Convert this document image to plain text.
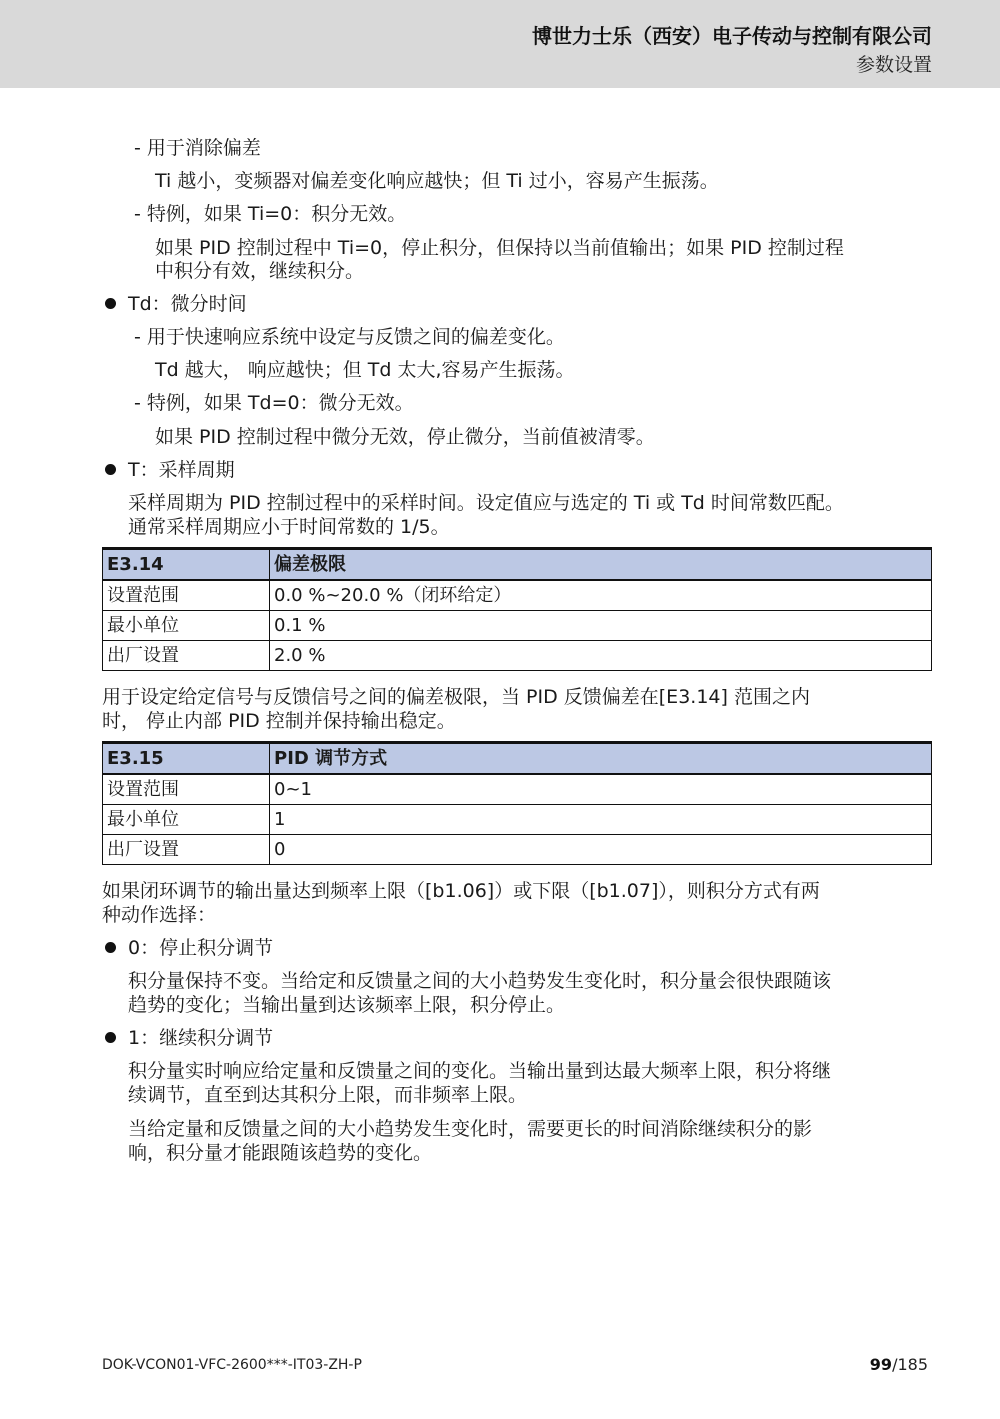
博世力士乐（西安）电子传动与控制有限公司
参数设置
- 用于消除偏差
Ti 越小，变频器对偏差变化响应越快；但 Ti 过小，容易产生振荡。
- 特例，如果 Ti=0：积分无效。
如果 PID 控制过程中 Ti=0，停止积分，但保持以当前值输出；如果 PID 控制过程
中积分有效，继续积分。
Td：微分时间
- 用于快速响应系统中设定与反馈之间的偏差变化。
Td 越大， 响应越快；但 Td 太大,容易产生振荡。
- 特例，如果 Td=0：微分无效。
如果 PID 控制过程中微分无效，停止微分，当前值被清零。
T：采样周期
采样周期为 PID 控制过程中的采样时间。设定值应与选定的 Ti 或 Td 时间常数匹配。
通常采样周期应小于时间常数的 1/5。
E3.14	偏差极限
设置范围	0.0 %~20.0 %（闭环给定）
最小单位	0.1 %
出厂设置	2.0 %
用于设定给定信号与反馈信号之间的偏差极限，当 PID 反馈偏差在[E3.14] 范围之内
时， 停止内部 PID 控制并保持输出稳定。
E3.15	PID 调节方式
设置范围	0~1
最小单位	1
出厂设置	0
如果闭环调节的输出量达到频率上限（[b1.06]）或下限（[b1.07]），则积分方式有两
种动作选择：
0：停止积分调节
积分量保持不变。当给定和反馈量之间的大小趋势发生变化时，积分量会很快跟随该
趋势的变化；当输出量到达该频率上限，积分停止。
1：继续积分调节
积分量实时响应给定量和反馈量之间的变化。当输出量到达最大频率上限，积分将继
续调节，直至到达其积分上限，而非频率上限。
当给定量和反馈量之间的大小趋势发生变化时，需要更长的时间消除继续积分的影
响，积分量才能跟随该趋势的变化。
DOK-VCON01-VFC-2600***-IT03-ZH-P	99/185
